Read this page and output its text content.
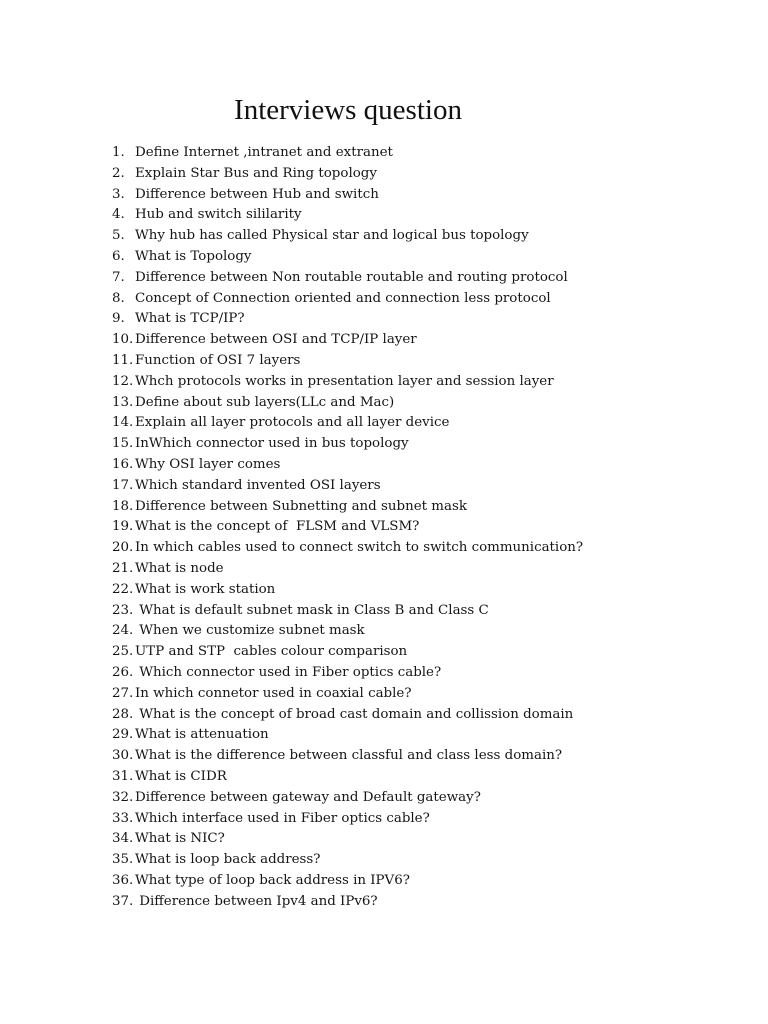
Interviews question
1. Define Internet ,intranet and extranet
2. Explain Star Bus and Ring topology
3. Difference between Hub and switch
4. Hub and switch sililarity
5. Why hub has called Physical star and logical bus topology
6. What is Topology
7. Difference between Non routable routable and routing protocol
8. Concept of Connection oriented and connection less protocol
9. What is TCP/IP?
10. Difference between OSI and TCP/IP layer
11. Function of OSI 7 layers
12. Whch protocols works in presentation layer and session layer
13. Define about sub layers(LLc and Mac)
14. Explain all layer protocols and all layer device
15. InWhich connector used in bus topology
16. Why OSI layer comes
17. Which standard invented OSI layers
18. Difference between Subnetting and subnet mask
19. What is the concept of  FLSM and VLSM?
20. In which cables used to connect switch to switch communication?
21. What is node
22. What is work station
23. What is default subnet mask in Class B and Class C
24. When we customize subnet mask
25. UTP and STP  cables colour comparison
26. Which connector used in Fiber optics cable?
27. In which connetor used in coaxial cable?
28. What is the concept of broad cast domain and collission domain
29. What is attenuation
30. What is the difference between classful and class less domain?
31. What is CIDR
32. Difference between gateway and Default gateway?
33. Which interface used in Fiber optics cable?
34. What is NIC?
35. What is loop back address?
36. What type of loop back address in IPV6?
37. Difference between Ipv4 and IPv6?
